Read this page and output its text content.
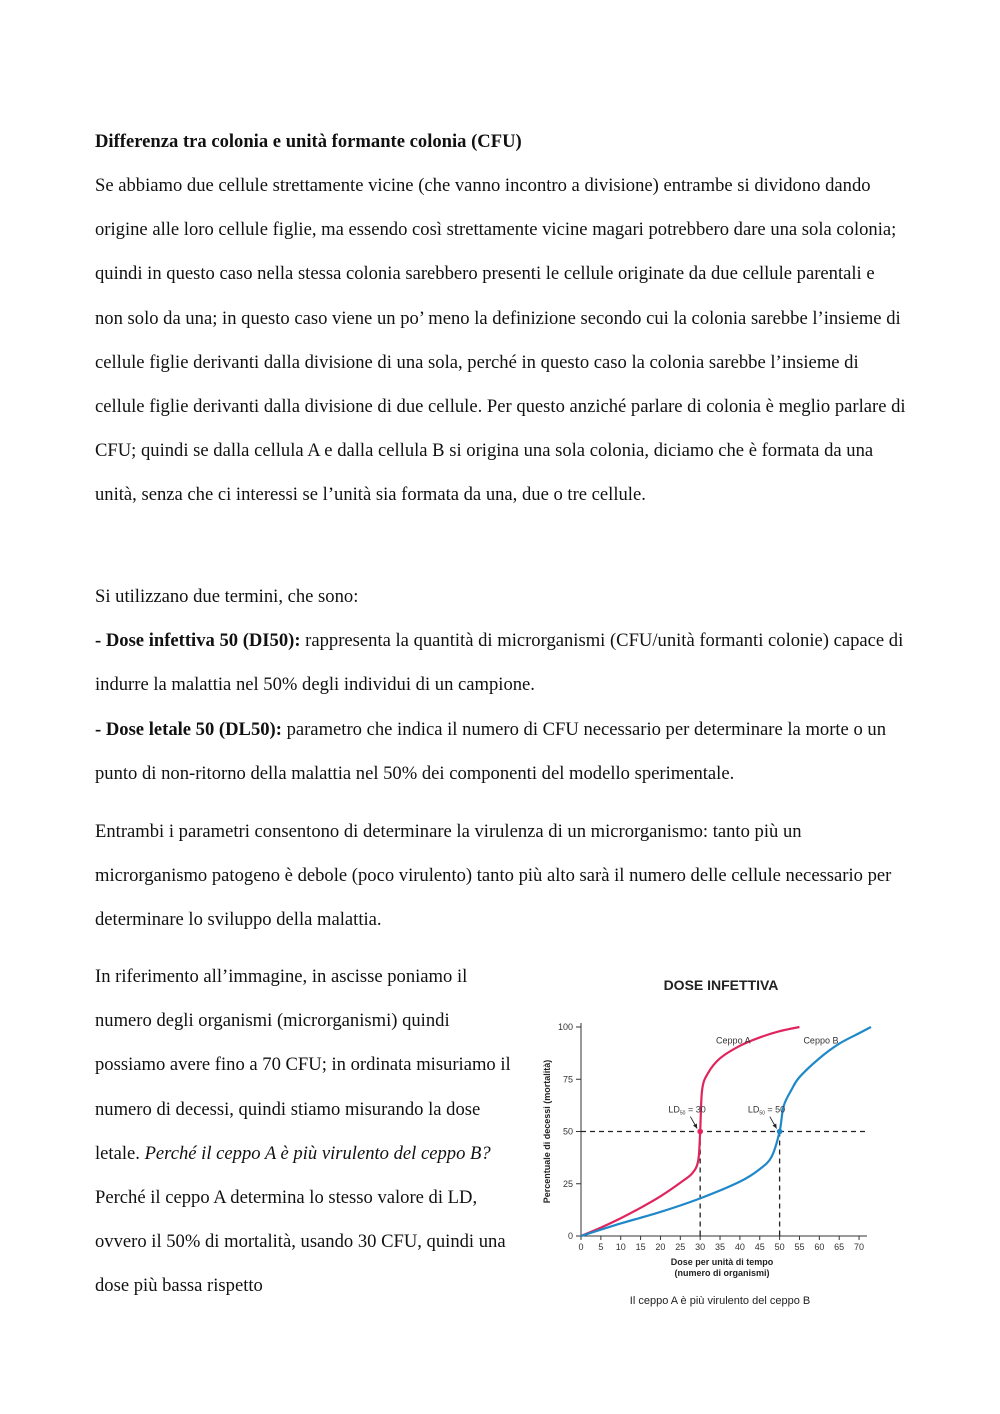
Differenza tra colonia e unità formante colonia (CFU)

Se abbiamo due cellule strettamente vicine (che vanno incontro a divisione) entrambe si dividono dando origine alle loro cellule figlie, ma essendo così strettamente vicine magari potrebbero dare una sola colonia; quindi in questo caso nella stessa colonia sarebbero presenti le cellule originate da due cellule parentali e non solo da una; in questo caso viene un po’ meno la definizione secondo cui la colonia sarebbe l’insieme di cellule figlie derivanti dalla divisione di una sola, perché in questo caso la colonia sarebbe l’insieme di cellule figlie derivanti dalla divisione di due cellule. Per questo anziché parlare di colonia è meglio parlare di CFU; quindi se dalla cellula A e dalla cellula B si origina una sola colonia, diciamo che è formata da una unità, senza che ci interessi se l’unità sia formata da una, due o tre cellule.

Si utilizzano due termini, che sono:

- Dose infettiva 50 (DI50): rappresenta la quantità di microrganismi (CFU/unità formanti colonie) capace di indurre la malattia nel 50% degli individui di un campione.

- Dose letale 50 (DL50): parametro che indica il numero di CFU necessario per determinare la morte o un punto di non-ritorno della malattia nel 50% dei componenti del modello sperimentale.

Entrambi i parametri consentono di determinare la virulenza di un microrganismo: tanto più un microrganismo patogeno è debole (poco virulento) tanto più alto sarà il numero delle cellule necessario per determinare lo sviluppo della malattia.

In riferimento all’immagine, in ascisse poniamo il numero degli organismi (microrganismi) quindi possiamo avere fino a 70 CFU; in ordinata misuriamo il numero di decessi, quindi stiamo misurando la dose letale. Perché il ceppo A è più virulento del ceppo B? Perché il ceppo A determina lo stesso valore di LD, ovvero il 50% di mortalità, usando 30 CFU, quindi una dose più bassa rispetto

DOSE INFETTIVA
Percentuale di decessi (mortalità)
Dose per unità di tempo
(numero di organismi)
Il ceppo A è più virulento del ceppo B
0
25
50
75
100
0 5 10 15 20 25 30 35 40 45 50 55 60 65 70
Ceppo A	Ceppo B
$LD_{50} = 30$	$LD_{50} = 50$
